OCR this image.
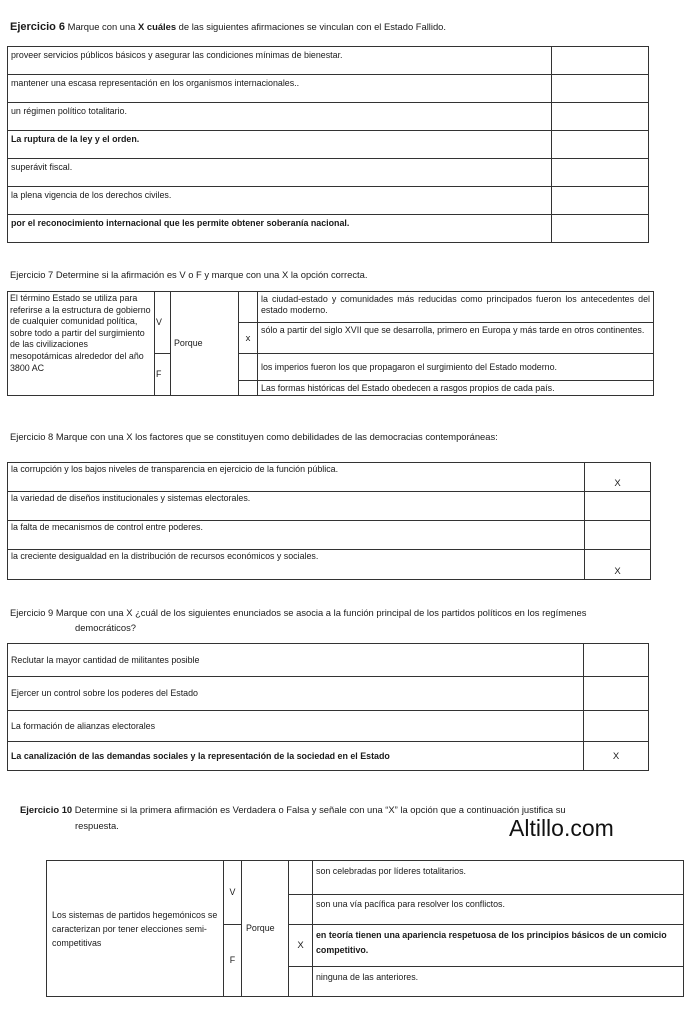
Ejercicio 6 Marque con una X cuáles de las siguientes afirmaciones se vinculan con el Estado Fallido.
proveer servicios públicos básicos y asegurar las condiciones mínimas de bienestar.	
mantener una escasa representación en los organismos internacionales..	
un régimen político totalitario.	
La ruptura de la ley y el orden.	
superávit fiscal.	
la plena vigencia de los derechos civiles.	
por el reconocimiento internacional que les permite obtener soberanía nacional.	
Ejercicio 7 Determine si la afirmación es V o F y marque con una X la opción correcta.
El término Estado se utiliza para referirse a la estructura de gobierno de cualquier comunidad política, sobre todo a partir del surgimiento de las civilizaciones mesopotámicas alrededor del año 3800 AC	V	Porque		la ciudad-estado y comunidades más reducidas como principados fueron los antecedentes del estado moderno.
			x	sólo a partir del siglo XVII que se desarrolla, primero en Europa y más tarde en otros continentes.
	F			los imperios fueron los que propagaron el surgimiento del Estado moderno.
				Las formas históricas del Estado obedecen a rasgos propios de cada país.
Ejercicio 8 Marque con una X los factores que se constituyen como debilidades de las democracias contemporáneas:
la corrupción y los bajos niveles de transparencia en ejercicio de la función pública.	X
la variedad de diseños institucionales y sistemas electorales.	
la falta de mecanismos de control entre poderes.	
la creciente desigualdad en la distribución de recursos económicos y sociales.	X
Ejercicio 9 Marque con una X ¿cuál de los siguientes enunciados se asocia a la función principal de los partidos políticos en los regímenes
democráticos?
Reclutar la mayor cantidad de militantes posible	
Ejercer un control sobre los poderes del Estado	
La formación de alianzas electorales	
La canalización de las demandas sociales y la representación de la sociedad en el Estado	X
Ejercicio 10 Determine si la primera afirmación es Verdadera o Falsa y señale con una “X” la opción que a continuación justifica su
respuesta.	Altillo.com
Los sistemas de partidos hegemónicos se caracterizan por tener elecciones semi-competitivas	V	Porque		son celebradas por líderes totalitarios.
				son una vía pacífica para resolver los conflictos.
	F		X	en teoría tienen una apariencia respetuosa de los principios básicos de un comicio competitivo.
				ninguna de las anteriores.
